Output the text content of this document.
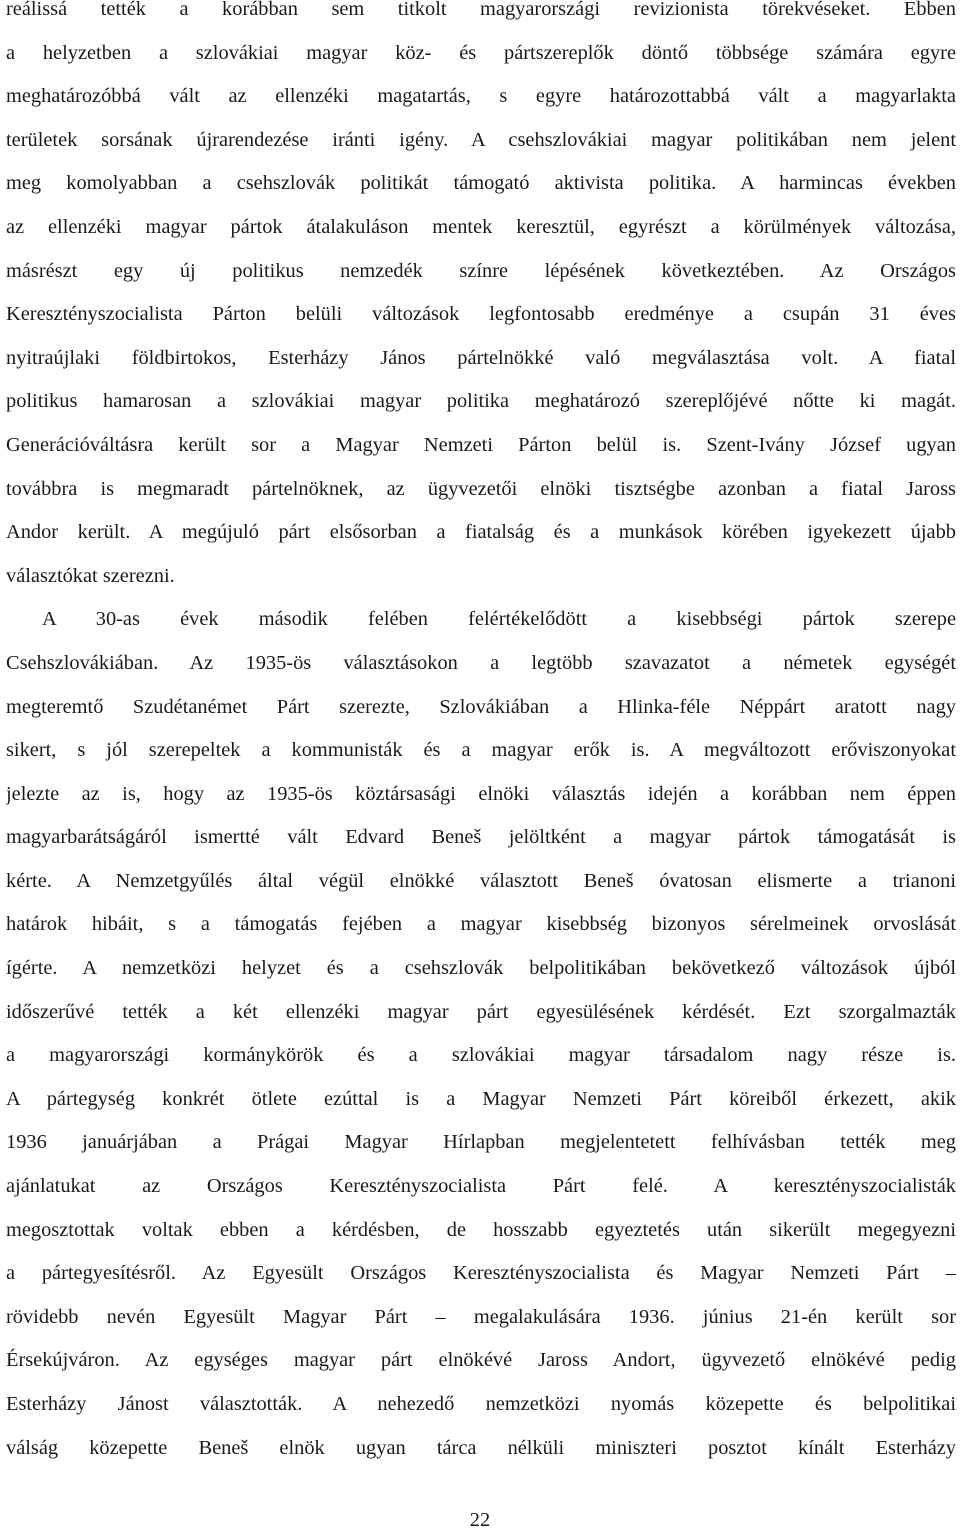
reálissá tették a korábban sem titkolt magyarországi revizionista törekvéseket. Ebben
a helyzetben a szlovákiai magyar köz- és pártszereplők döntő többsége számára egyre
meghatározóbbá vált az ellenzéki magatartás, s egyre határozottabbá vált a magyarlakta
területek sorsának újrarendezése iránti igény. A csehszlovákiai magyar politikában nem jelent
meg komolyabban a csehszlovák politikát támogató aktivista politika. A harmincas években
az ellenzéki magyar pártok átalakuláson mentek keresztül, egyrészt a körülmények változása,
másrészt egy új politikus nemzedék színre lépésének következtében. Az Országos
Keresztényszocialista Párton belüli változások legfontosabb eredménye a csupán 31 éves
nyitraújlaki földbirtokos, Esterházy János pártelnökké való megválasztása volt. A fiatal
politikus hamarosan a szlovákiai magyar politika meghatározó szereplőjévé nőtte ki magát.
Generációváltásra került sor a Magyar Nemzeti Párton belül is. Szent-Ivány József ugyan
továbbra is megmaradt pártelnöknek, az ügyvezetői elnöki tisztségbe azonban a fiatal Jaross
Andor került. A megújuló párt elsősorban a fiatalság és a munkások körében igyekezett újabb
választókat szerezni.

A 30-as évek második felében felértékelődött a kisebbségi pártok szerepe
Csehszlovákiában. Az 1935-ös választásokon a legtöbb szavazatot a németek egységét
megteremtő Szudétanémet Párt szerezte, Szlovákiában a Hlinka-féle Néppárt aratott nagy
sikert, s jól szerepeltek a kommunisták és a magyar erők is. A megváltozott erőviszonyokat
jelezte az is, hogy az 1935-ös köztársasági elnöki választás idején a korábban nem éppen
magyarbarátságáról ismertté vált Edvard Beneš jelöltként a magyar pártok támogatását is
kérte. A Nemzetgyűlés által végül elnökké választott Beneš óvatosan elismerte a trianoni
határok hibáit, s a támogatás fejében a magyar kisebbség bizonyos sérelmeinek orvoslását
ígérte. A nemzetközi helyzet és a csehszlovák belpolitikában bekövetkező változások újból
időszerűvé tették a két ellenzéki magyar párt egyesülésének kérdését. Ezt szorgalmazták
a magyarországi kormánykörök és a szlovákiai magyar társadalom nagy része is.
A pártegység konkrét ötlete ezúttal is a Magyar Nemzeti Párt köreiből érkezett, akik
1936 januárjában a Prágai Magyar Hírlapban megjelentetett felhívásban tették meg
ajánlatukat az Országos Keresztényszocialista Párt felé. A keresztényszocialisták
megosztottak voltak ebben a kérdésben, de hosszabb egyeztetés után sikerült megegyezni
a pártegyesítésről. Az Egyesült Országos Keresztényszocialista és Magyar Nemzeti Párt –
rövidebb nevén Egyesült Magyar Párt – megalakulására 1936. június 21-én került sor
Érsekújváron. Az egységes magyar párt elnökévé Jaross Andort, ügyvezető elnökévé pedig
Esterházy Jánost választották. A nehezedő nemzetközi nyomás közepette és belpolitikai
válság közepette Beneš elnök ugyan tárca nélküli miniszteri posztot kínált Esterházy

22
